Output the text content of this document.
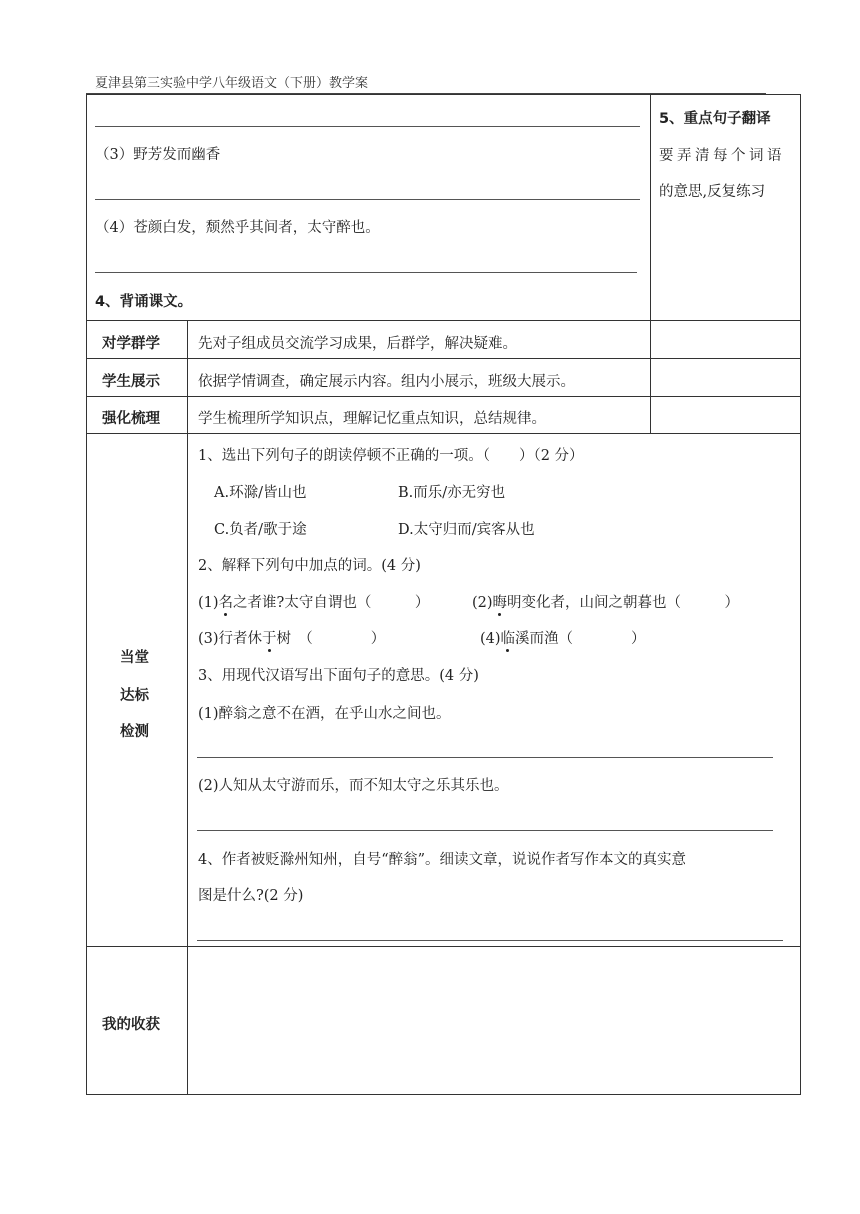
夏津县第三实验中学八年级语文（下册）教学案
（3）野芳发而幽香
（4）苍颜白发，颓然乎其间者，太守醉也。
4、背诵课文。
5、重点句子翻译
要弄清每个词语
的意思,反复练习
对学群学	先对子组成员交流学习成果，后群学，解决疑难。
学生展示	依据学情调查，确定展示内容。组内小展示，班级大展示。
强化梳理	学生梳理所学知识点，理解记忆重点知识，总结规律。
当堂
达标
检测
1、选出下列句子的朗读停顿不正确的一项。（　　）（2 分）
A.环滁/皆山也	B.而乐/亦无穷也
C.负者/歌于途	D.太守归而/宾客从也
2、解释下列句中加点的词。(4 分)
(1)名之者谁?太守自谓也（　　　）	(2)晦明变化者，山间之朝暮也（　　　）
(3)行者休于树　（　　　　）	(4)临溪而渔（　　　　）
3、用现代汉语写出下面句子的意思。(4 分)
(1)醉翁之意不在酒，在乎山水之间也。
(2)人知从太守游而乐，而不知太守之乐其乐也。
4、作者被贬滁州知州，自号“醉翁”。细读文章，说说作者写作本文的真实意
图是什么?(2 分)
我的收获
